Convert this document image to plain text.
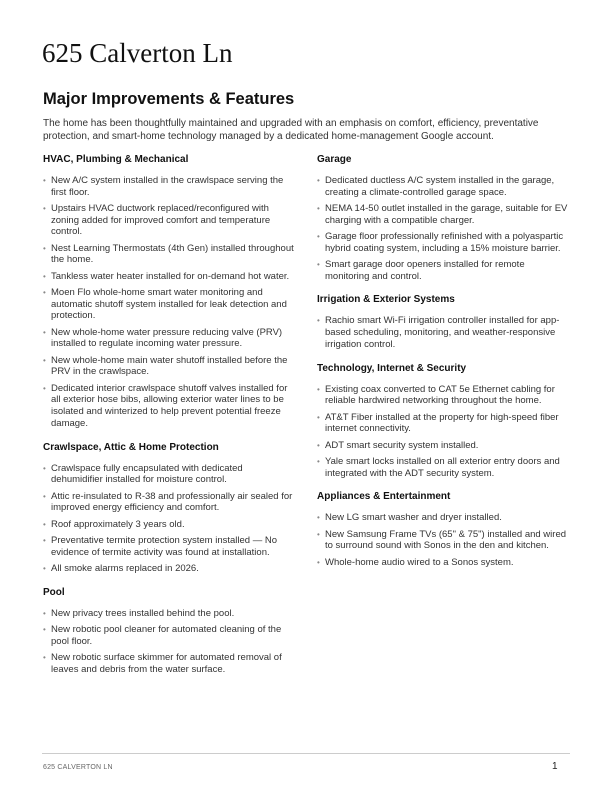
625 Calverton Ln
Major Improvements & Features

The home has been thoughtfully maintained and upgraded with an emphasis on comfort, efficiency, preventative protection, and smart-home technology managed by a dedicated home-management Google account.

HVAC, Plumbing & Mechanical
• New A/C system installed in the crawlspace serving the first floor.
• Upstairs HVAC ductwork replaced/reconfigured with zoning added for improved comfort and temperature control.
• Nest Learning Thermostats (4th Gen) installed throughout the home.
• Tankless water heater installed for on-demand hot water.
• Moen Flo whole-home smart water monitoring and automatic shutoff system installed for leak detection and protection.
• New whole-home water pressure reducing valve (PRV) installed to regulate incoming water pressure.
• New whole-home main water shutoff installed before the PRV in the crawlspace.
• Dedicated interior crawlspace shutoff valves installed for all exterior hose bibs, allowing exterior water lines to be isolated and winterized to help prevent potential freeze damage.
Crawlspace, Attic & Home Protection
• Crawlspace fully encapsulated with dedicated dehumidifier installed for moisture control.
• Attic re-insulated to R-38 and professionally air sealed for improved energy efficiency and comfort.
• Roof approximately 3 years old.
• Preventative termite protection system installed — No evidence of termite activity was found at installation.
• All smoke alarms replaced in 2026.
Pool
• New privacy trees installed behind the pool.
• New robotic pool cleaner for automated cleaning of the pool floor.
• New robotic surface skimmer for automated removal of leaves and debris from the water surface.
Garage
• Dedicated ductless A/C system installed in the garage, creating a climate-controlled garage space.
• NEMA 14-50 outlet installed in the garage, suitable for EV charging with a compatible charger.
• Garage floor professionally refinished with a polyaspartic hybrid coating system, including a 15% moisture barrier.
• Smart garage door openers installed for remote monitoring and control.
Irrigation & Exterior Systems
• Rachio smart Wi-Fi irrigation controller installed for app-based scheduling, monitoring, and weather-responsive irrigation control.
Technology, Internet & Security
• Existing coax converted to CAT 5e Ethernet cabling for reliable hardwired networking throughout the home.
• AT&T Fiber installed at the property for high-speed fiber internet connectivity.
• ADT smart security system installed.
• Yale smart locks installed on all exterior entry doors and integrated with the ADT security system.
Appliances & Entertainment
• New LG smart washer and dryer installed.
• New Samsung Frame TVs (65" & 75") installed and wired to surround sound with Sonos in the den and kitchen.
• Whole-home audio wired to a Sonos system.
625 CALVERTON LN	1
